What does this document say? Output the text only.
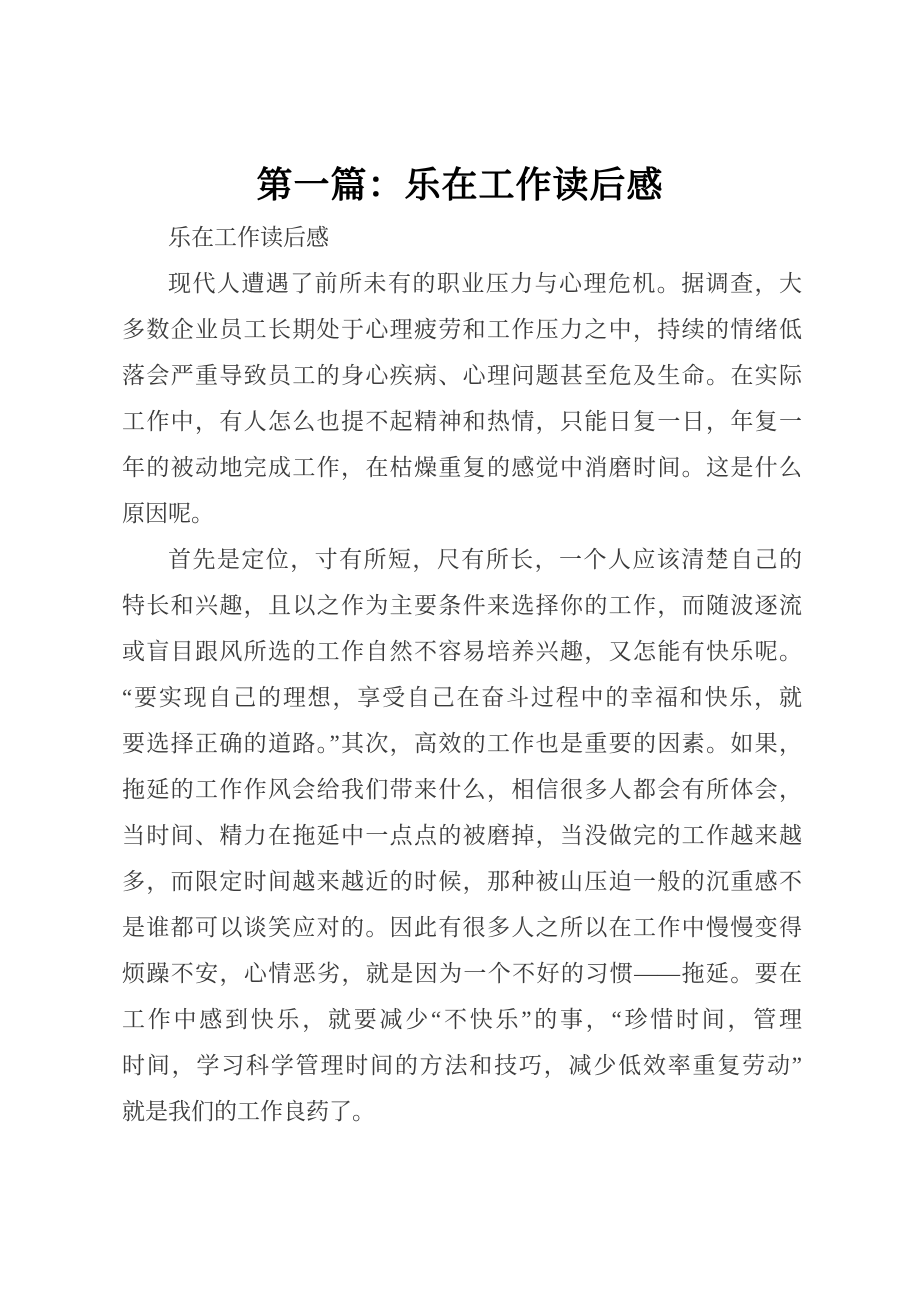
第一篇：乐在工作读后感
乐在工作读后感
现代人遭遇了前所未有的职业压力与心理危机。据调查，大
多数企业员工长期处于心理疲劳和工作压力之中，持续的情绪低
落会严重导致员工的身心疾病、心理问题甚至危及生命。在实际
工作中，有人怎么也提不起精神和热情，只能日复一日，年复一
年的被动地完成工作，在枯燥重复的感觉中消磨时间。这是什么
原因呢。
首先是定位，寸有所短，尺有所长，一个人应该清楚自己的
特长和兴趣，且以之作为主要条件来选择你的工作，而随波逐流
或盲目跟风所选的工作自然不容易培养兴趣，又怎能有快乐呢。
“要实现自己的理想，享受自己在奋斗过程中的幸福和快乐，就
要选择正确的道路。”其次，高效的工作也是重要的因素。如果，
拖延的工作作风会给我们带来什么，相信很多人都会有所体会，
当时间、精力在拖延中一点点的被磨掉，当没做完的工作越来越
多，而限定时间越来越近的时候，那种被山压迫一般的沉重感不
是谁都可以谈笑应对的。因此有很多人之所以在工作中慢慢变得
烦躁不安，心情恶劣，就是因为一个不好的习惯——拖延。要在
工作中感到快乐，就要减少“不快乐”的事，“珍惜时间，管理
时间，学习科学管理时间的方法和技巧，减少低效率重复劳动”
就是我们的工作良药了。
